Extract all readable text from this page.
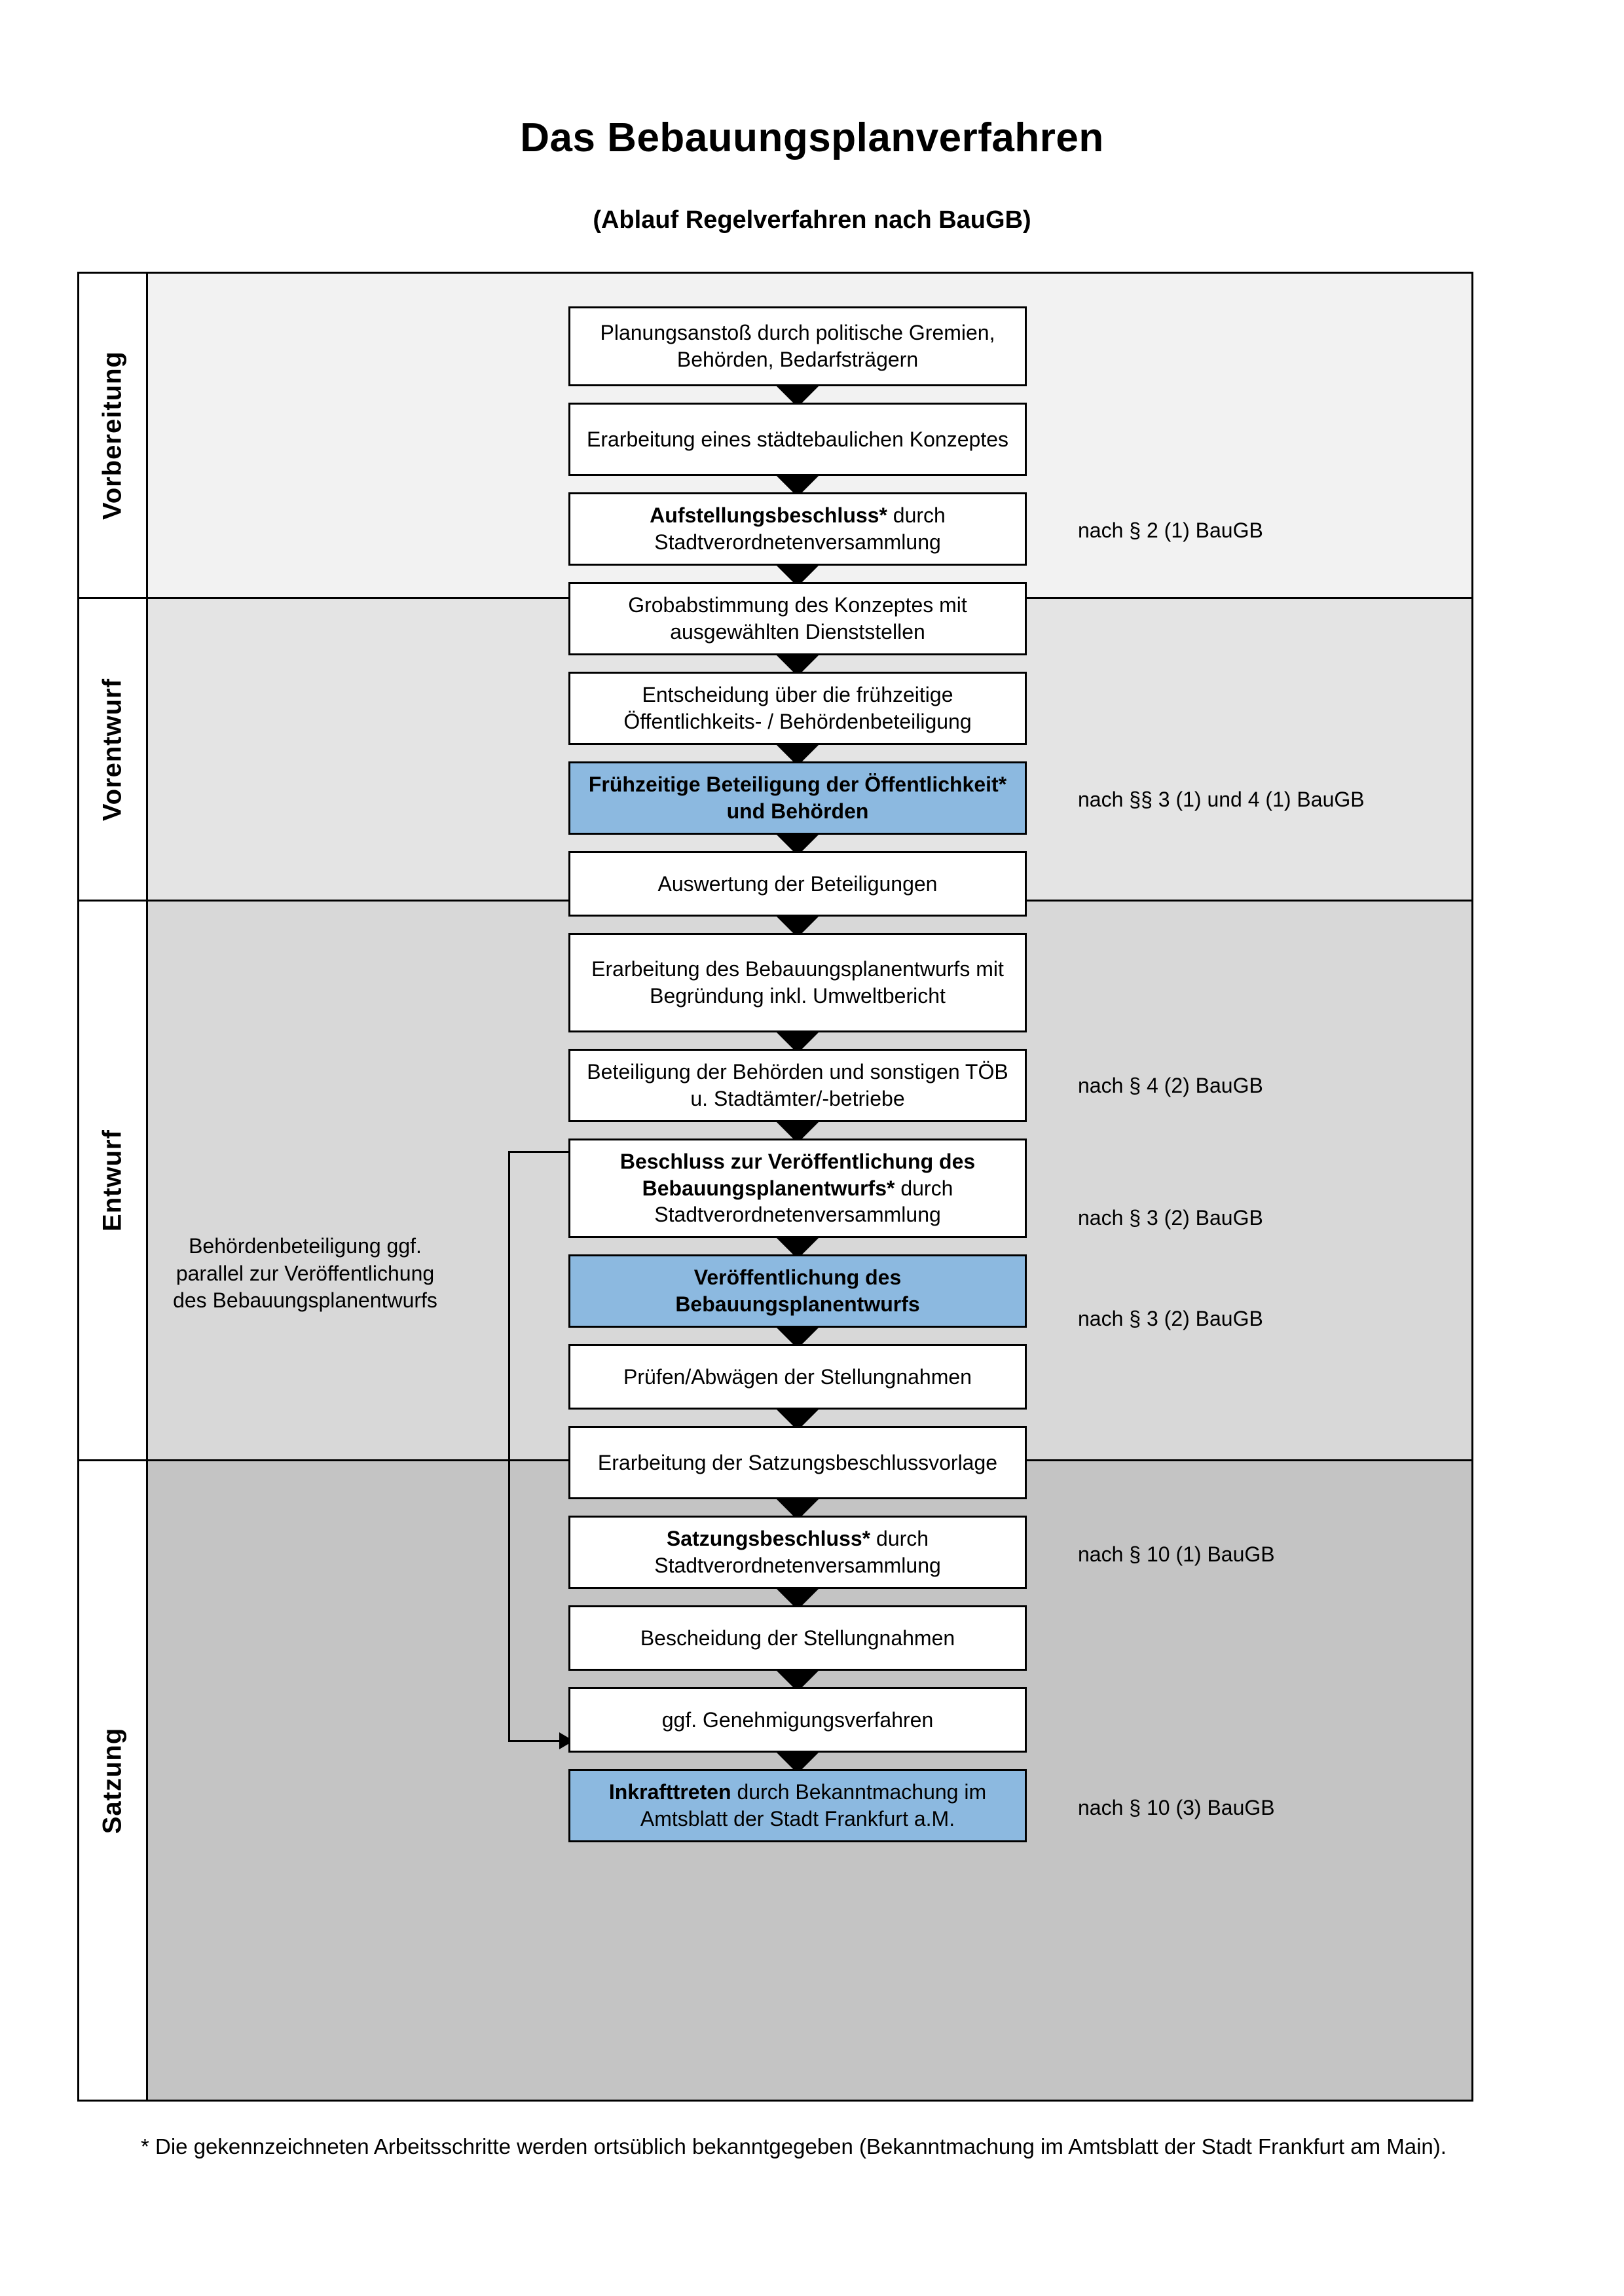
Das Bebauungsplanverfahren
(Ablauf Regelverfahren nach BauGB)
Vorbereitung
Vorentwurf
Entwurf
Satzung
Behördenbeteiligung ggf. parallel zur Veröffentlichung des Bebauungsplanentwurfs
Planungsanstoß durch politische Gremien, Behörden, Bedarfsträgern
Erarbeitung eines städtebaulichen Konzeptes
Aufstellungsbeschluss* durch Stadtverordnetenversammlung
Grobabstimmung des Konzeptes mit ausgewählten Dienststellen
Entscheidung über die frühzeitige Öffentlichkeits- / Behördenbeteiligung
Frühzeitige Beteiligung der Öffentlichkeit* und Behörden
Auswertung der Beteiligungen
Erarbeitung des Bebauungsplanentwurfs mit Begründung inkl. Umweltbericht
Beteiligung der Behörden und sonstigen TÖB u. Stadtämter/-betriebe
Beschluss zur Veröffentlichung des Bebauungsplanentwurfs* durch Stadtverordnetenversammlung
Veröffentlichung des Bebauungsplanentwurfs
Prüfen/Abwägen der Stellungnahmen
Erarbeitung der Satzungsbeschlussvorlage
Satzungsbeschluss* durch Stadtverordnetenversammlung
Bescheidung der Stellungnahmen
ggf. Genehmigungsverfahren
Inkrafttreten durch Bekanntmachung im Amtsblatt der Stadt Frankfurt a.M.
nach § 2 (1) BauGB
nach §§ 3 (1) und 4 (1) BauGB
nach § 4 (2) BauGB
nach § 3 (2) BauGB
nach § 3 (2) BauGB
nach § 10 (1) BauGB
nach § 10 (3) BauGB
* Die gekennzeichneten Arbeitsschritte werden ortsüblich bekanntgegeben (Bekanntmachung im Amtsblatt der Stadt Frankfurt am Main).
